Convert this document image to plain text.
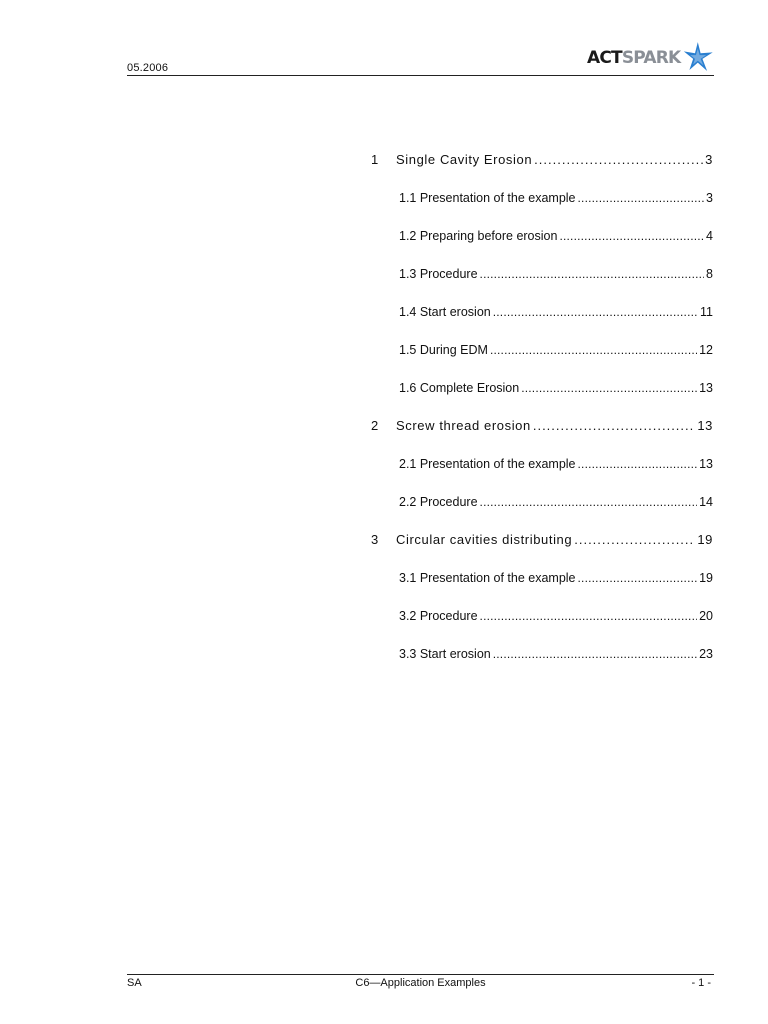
05.2006
ACTSPARK
1	Single Cavity Erosion .....	3
1.1 Presentation of the example .....	3
1.2 Preparing before erosion .....	4
1.3 Procedure .....	8
1.4 Start erosion .....	11
1.5 During EDM .....	12
1.6 Complete Erosion .....	13
2	Screw thread erosion .....	13
2.1 Presentation of the example .....	13
2.2 Procedure .....	14
3	Circular cavities distributing .....	19
3.1 Presentation of the example .....	19
3.2 Procedure .....	20
3.3 Start erosion .....	23
SA	C6—Application Examples	- 1 -
